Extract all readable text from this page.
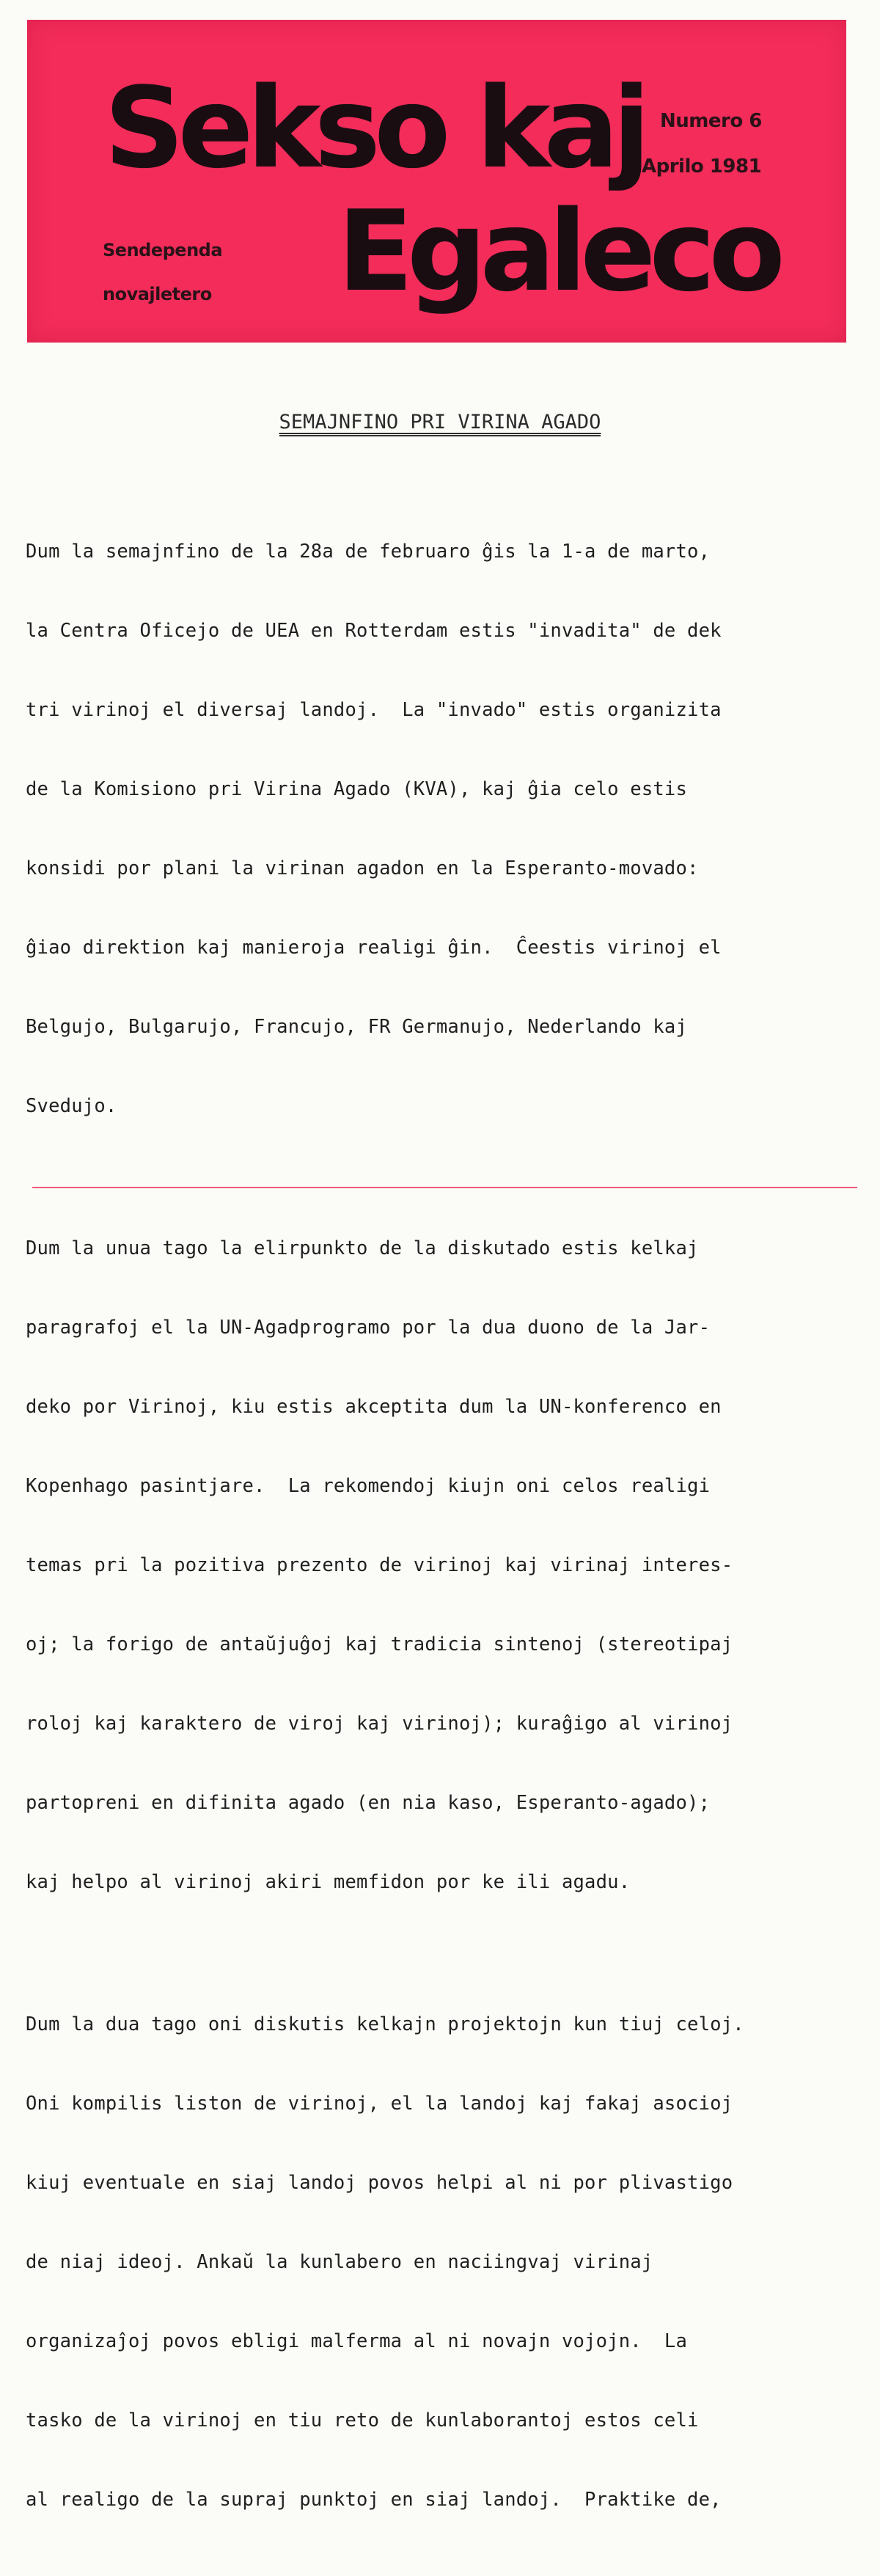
Sekso kaj
Egaleco
Sendependa
novajletero
Numero 6
Aprilo 1981
SEMAJNFINO PRI VIRINA AGADO

Dum la semajnfino de la 28a de februaro ĝis la 1-a de marto,

la Centra Oficejo de UEA en Rotterdam estis "invadita" de dek

tri virinoj el diversaj landoj.  La "invado" estis organizita

de la Komisiono pri Virina Agado (KVA), kaj ĝia celo estis

konsidi por plani la virinan agadon en la Esperanto-movado:

ĝiao direktion kaj manieroja realigi ĝin.  Ĉeestis virinoj el

Belgujo, Bulgarujo, Francujo, FR Germanujo, Nederlando kaj

Svedujo.

Dum la unua tago la elirpunkto de la diskutado estis kelkaj

paragrafoj el la UN-Agadprogramo por la dua duono de la Jar-

deko por Virinoj, kiu estis akceptita dum la UN-konferenco en

Kopenhago pasintjare.  La rekomendoj kiujn oni celos realigi

temas pri la pozitiva prezento de virinoj kaj virinaj interes-

oj; la forigo de antaŭjuĝoj kaj tradicia sintenoj (stereotipaj

roloj kaj karaktero de viroj kaj virinoj); kuraĝigo al virinoj

partopreni en difinita agado (en nia kaso, Esperanto-agado);

kaj helpo al virinoj akiri memfidon por ke ili agadu.

Dum la dua tago oni diskutis kelkajn projektojn kun tiuj celoj.

Oni kompilis liston de virinoj, el la landoj kaj fakaj asocioj

kiuj eventuale en siaj landoj povos helpi al ni por plivastigo

de niaj ideoj. Ankaŭ la kunlabero en naciingvaj virinaj

organizaĵoj povos ebligi malferma al ni novajn vojojn.  La

tasko de la virinoj en tiu reto de kunlaborantoj estos celi

al realigo de la supraj punktoj en siaj landoj.  Praktike de,
